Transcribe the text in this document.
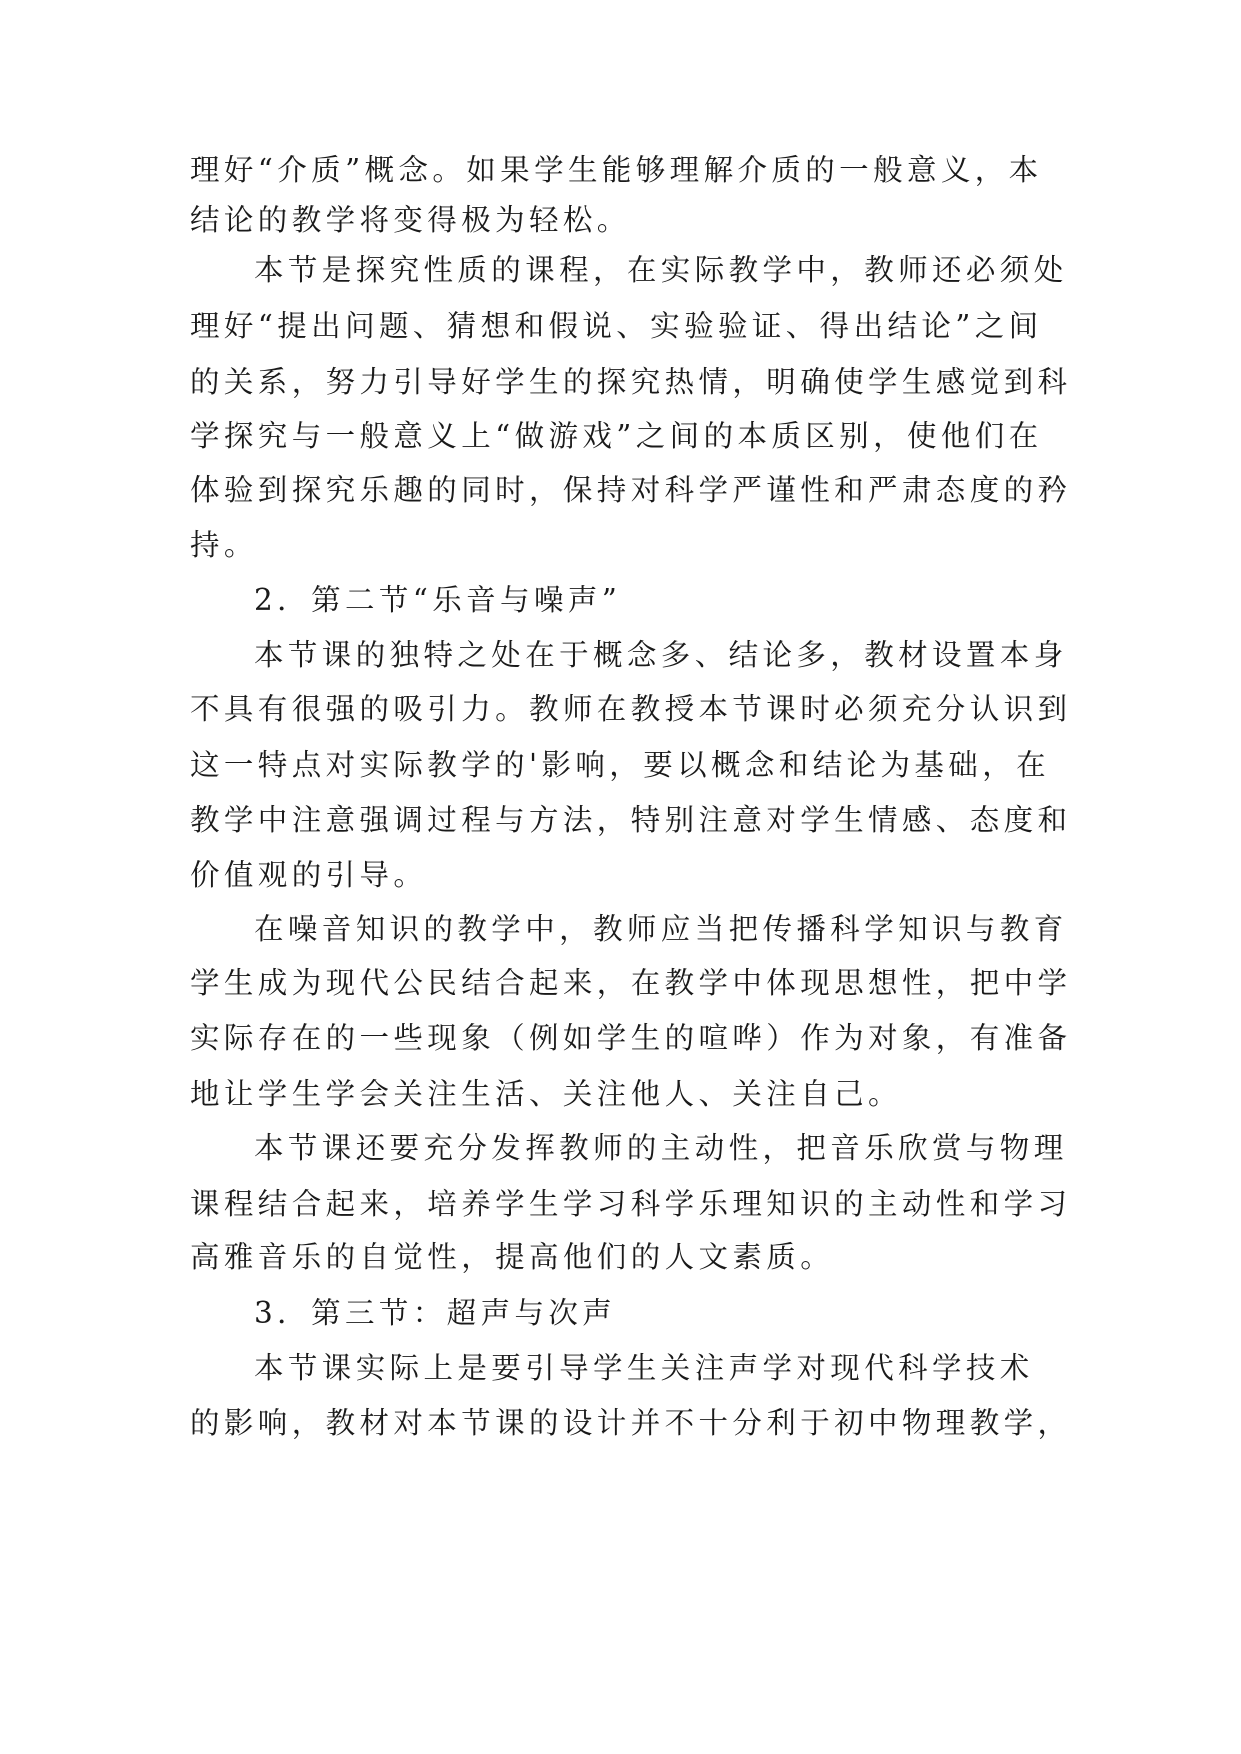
理好“介质”概念。如果学生能够理解介质的一般意义，本

结论的教学将变得极为轻松。

本节是探究性质的课程，在实际教学中，教师还必须处

理好“提出问题、猜想和假说、实验验证、得出结论”之间

的关系，努力引导好学生的探究热情，明确使学生感觉到科

学探究与一般意义上“做游戏”之间的本质区别，使他们在

体验到探究乐趣的同时，保持对科学严谨性和严肃态度的矜

持。

2．第二节“乐音与噪声”

本节课的独特之处在于概念多、结论多，教材设置本身

不具有很强的吸引力。教师在教授本节课时必须充分认识到

这一特点对实际教学的'影响，要以概念和结论为基础，在

教学中注意强调过程与方法，特别注意对学生情感、态度和

价值观的引导。

在噪音知识的教学中，教师应当把传播科学知识与教育

学生成为现代公民结合起来，在教学中体现思想性，把中学

实际存在的一些现象（例如学生的喧哗）作为对象，有准备

地让学生学会关注生活、关注他人、关注自己。

本节课还要充分发挥教师的主动性，把音乐欣赏与物理

课程结合起来，培养学生学习科学乐理知识的主动性和学习

高雅音乐的自觉性，提高他们的人文素质。

3．第三节：超声与次声

本节课实际上是要引导学生关注声学对现代科学技术

的影响，教材对本节课的设计并不十分利于初中物理教学，
